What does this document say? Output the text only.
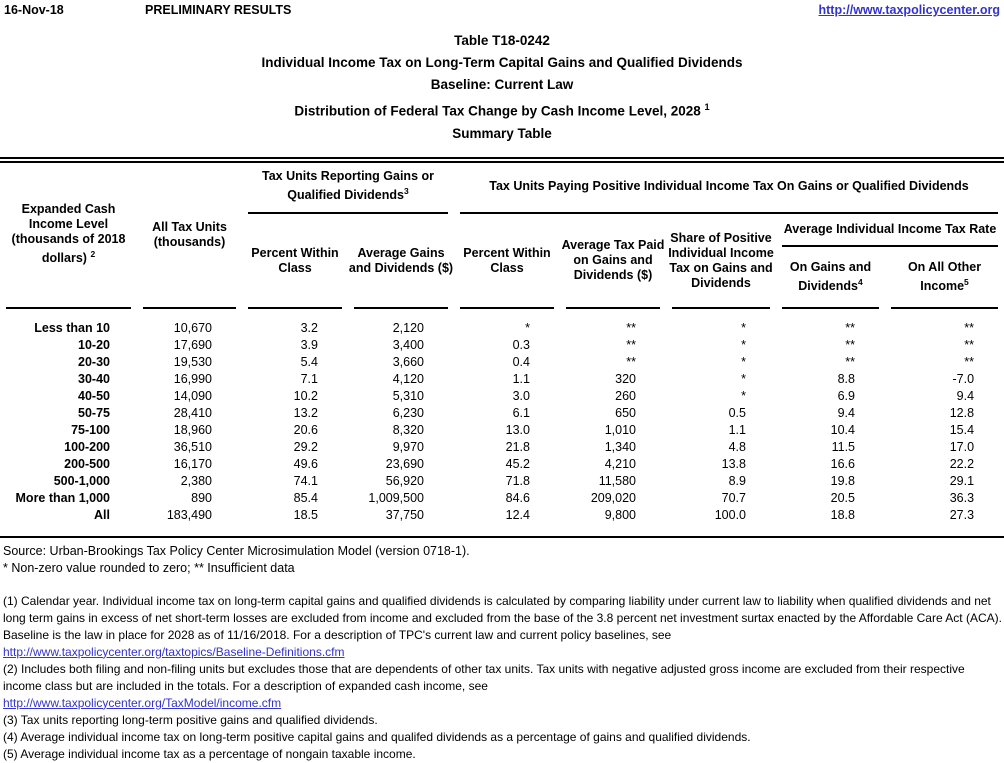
16-Nov-18	PRELIMINARY RESULTS	http://www.taxpolicycenter.org
Table T18-0242
Individual Income Tax on Long-Term Capital Gains and Qualified Dividends
Baseline: Current Law
Distribution of Federal Tax Change by Cash Income Level, 2028 $^1$
Summary Table
Expanded Cash Income Level (thousands of 2018 dollars) $^2$	All Tax Units (thousands)	Tax Units Reporting Gains or Qualified Dividends$^3$		Tax Units Paying Positive Individual Income Tax On Gains or Qualified Dividends				

		Percent Within Class	Average Gains and Dividends ($)	Percent Within Class	Average Tax Paid on Gains and Dividends ($)	Share of Positive Individual Income Tax on Gains and Dividends	Average Individual Income Tax Rate	

							On Gains and Dividends$^4$	On All Other Income$^5$

Less than 10	10,670	3.2	2,120	*	**	*	**	**
10-20	17,690	3.9	3,400	0.3	**	*	**	**
20-30	19,530	5.4	3,660	0.4	**	*	**	**
30-40	16,990	7.1	4,120	1.1	320	*	8.8	-7.0
40-50	14,090	10.2	5,310	3.0	260	*	6.9	9.4
50-75	28,410	13.2	6,230	6.1	650	0.5	9.4	12.8
75-100	18,960	20.6	8,320	13.0	1,010	1.1	10.4	15.4
100-200	36,510	29.2	9,970	21.8	1,340	4.8	11.5	17.0
200-500	16,170	49.6	23,690	45.2	4,210	13.8	16.6	22.2
500-1,000	2,380	74.1	56,920	71.8	11,580	8.9	19.8	29.1
More than 1,000	890	85.4	1,009,500	84.6	209,020	70.7	20.5	36.3
All	183,490	18.5	37,750	12.4	9,800	100.0	18.8	27.3
Source: Urban-Brookings Tax Policy Center Microsimulation Model (version 0718-1).
* Non-zero value rounded to zero; ** Insufficient data
(1) Calendar year. Individual income tax on long-term capital gains and qualified dividends is calculated by comparing liability under current law to liability when qualified dividends and net long term gains in excess of net short-term losses are excluded from income and excluded from the base of the 3.8 percent net investment surtax enacted by the Affordable Care Act (ACA). Baseline is the law in place for 2028 as of 11/16/2018. For a description of TPC's current law and current policy baselines, see
http://www.taxpolicycenter.org/taxtopics/Baseline-Definitions.cfm
(2) Includes both filing and non-filing units but excludes those that are dependents of other tax units. Tax units with negative adjusted gross income are excluded from their respective income class but are included in the totals. For a description of expanded cash income, see
http://www.taxpolicycenter.org/TaxModel/income.cfm
(3) Tax units reporting long-term positive gains and qualified dividends.
(4) Average individual income tax on long-term positive capital gains and qualifed dividends as a percentage of gains and qualified dividends.
(5) Average individual income tax as a percentage of nongain taxable income.
